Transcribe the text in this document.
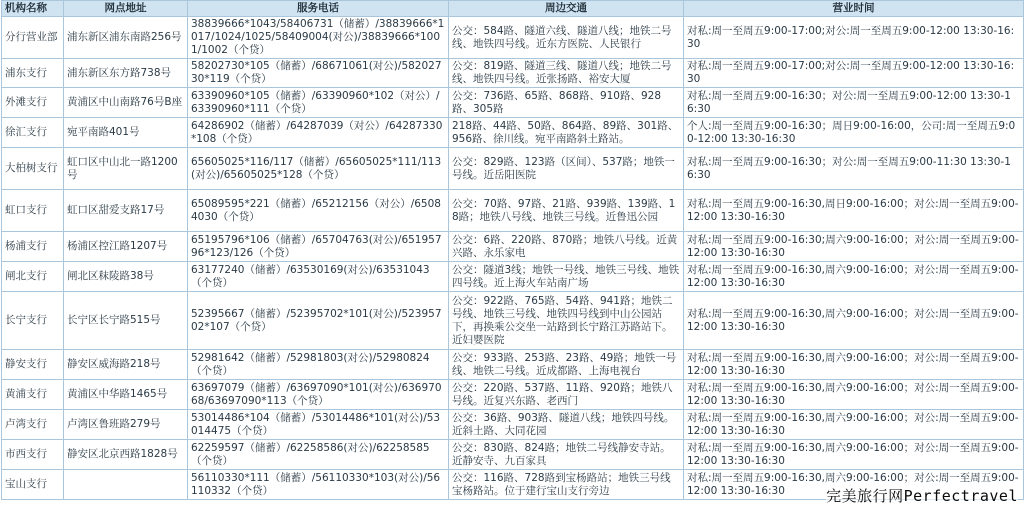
机构名称	网点地址	服务电话	周边交通	营业时间
分行营业部	浦东新区浦东南路256号	38839666*1043/58406731（储蓄）/38839666*1017/1024/1025/58409004(对公)/38839666*1001/1002（个贷）	公交：584路、隧道六线、隧道八线；地铁二号线、地铁四号线。近东方医院、人民银行	对私:周一至周五9:00-17:00;对公:周一至周五9:00-12:00 13:30-16:30
浦东支行	浦东新区东方路738号	58202730*105（储蓄）/68671061(对公)/58202730*119（个贷）	公交：819路、隧道三线、隧道八线；地铁二号线、地铁四号线。近张扬路、裕安大厦	对私:周一至周五9:00-17:00;对公:周一至周五9:00-12:00 13:30-16:30
外滩支行	黄浦区中山南路76号B座	63390960*105（储蓄）/63390960*102（对公）/63390960*111（个贷）	公交：736路、65路、868路、910路、928路、305路	对私:周一至周五9:00-16:30；对公:周一至周五9:00-12:00 13:30-16:30
徐汇支行	宛平南路401号	64286902（储蓄）/64287039（对公）/64287330*108（个贷）	218路、44路、50路、864路、89路、301路、956路、徐川线。宛平南路斜土路站。	个人:周一至周五9:00-16:30；周日9:00-16:00，公司:周一至周五9:00-12:00 13:30-16:30
大柏树支行	虹口区中山北一路1200号	65605025*116/117（储蓄）/65605025*111/113(对公)/65605025*128（个贷）	公交：829路、123路（区间）、537路；地铁一号线。近岳阳医院	对私:周一至周五9:00-16:30；对公:周一至周五9:00-11:30 13:30-16:30
虹口支行	虹口区甜爱支路17号	65089595*221（储蓄）/65212156（对公）/65084030（个贷）	公交：70路、97路、21路、939路、139路、18路；地铁八号线、地铁三号线。近鲁迅公园	对私:周一至周五9:00-16:30,周日9:00-16:00；对公:周一至周五9:00-12:00 13:30-16:30
杨浦支行	杨浦区控江路1207号	65195796*106（储蓄）/65704763(对公)/65195796*123/126（个贷）	公交：6路、220路、870路；地铁八号线。近黄兴路、永乐家电	对私:周一至周五9:00-16:30;周六9:00-16:00；对公:周一至周五9:00-12:00 13:30-16:30
闸北支行	闸北区秣陵路38号	63177240（储蓄）/63530169(对公)/63531043（个贷）	公交：隧道3线；地铁一号线、地铁三号线、地铁四号线。近上海火车站南广场	对私:周一至周五9:00-16:30,周六9:00-16:00；对公:周一至周五9:00-12:00 13:30-16:30
长宁支行	长宁区长宁路515号	52395667（储蓄）/52395702*101(对公)/52395702*107（个贷）	公交：922路、765路、54路、941路；地铁二号线、地铁三号线、地铁四号线到中山公园站下，再换乘公交坐一站路到长宁路江苏路站下。近妇婴医院	对私:周一至周五9:00-16:30,周六9:00-16:00；对公:周一至周五9:00-12:00 13:30-16:30
静安支行	静安区威海路218号	52981642（储蓄）/52981803(对公)/52980824（个贷）	公交：933路、253路、23路、49路；地铁一号线、地铁二号线。近成都路、上海电视台	对私:周一至周五9:00-16:30,周六9:00-16:00；对公:周一至周五9:00-12:00 13:30-16:30
黄浦支行	黄浦区中华路1465号	63697079（储蓄）/63697090*101(对公)/63697068/63697090*113（个贷）	公交：220路、537路、11路、920路；地铁八号线。近复兴东路、老西门	对私:周一至周五9:00-16:30,周六9:00-16:00；对公:周一至周五9:00-12:00 13:30-16:30
卢湾支行	卢湾区鲁班路279号	53014486*104（储蓄）/53014486*101(对公)/53014475（个贷）	公交：36路、903路、隧道八线；地铁四号线。近斜土路、大同花园	对私:周一至周五9:00-16:30,周六9:00-16:00；对公:周一至周五9:00-12:00 13:30-16:30
市西支行	静安区北京西路1828号	62259597（储蓄）/62258586(对公)/62258585（个贷）	公交：830路、824路；地铁二号线静安寺站。近静安寺、九百家具	对私:周一至周五9:00-16:30,周六9:00-16:00；对公:周一至周五9:00-12:00 13:30-16:30
宝山支行		56110330*111（储蓄）/56110330*103(对公)/56110332（个贷）	公交：116路、728路到宝杨路站；地铁三号线宝杨路站。位于建行宝山支行旁边	对私:周一至周五9:00-16:30,周六9:00-16:00；对公:周一至周五9:00-12:00 13:30-16:30	完美旅行网Perfectravel
